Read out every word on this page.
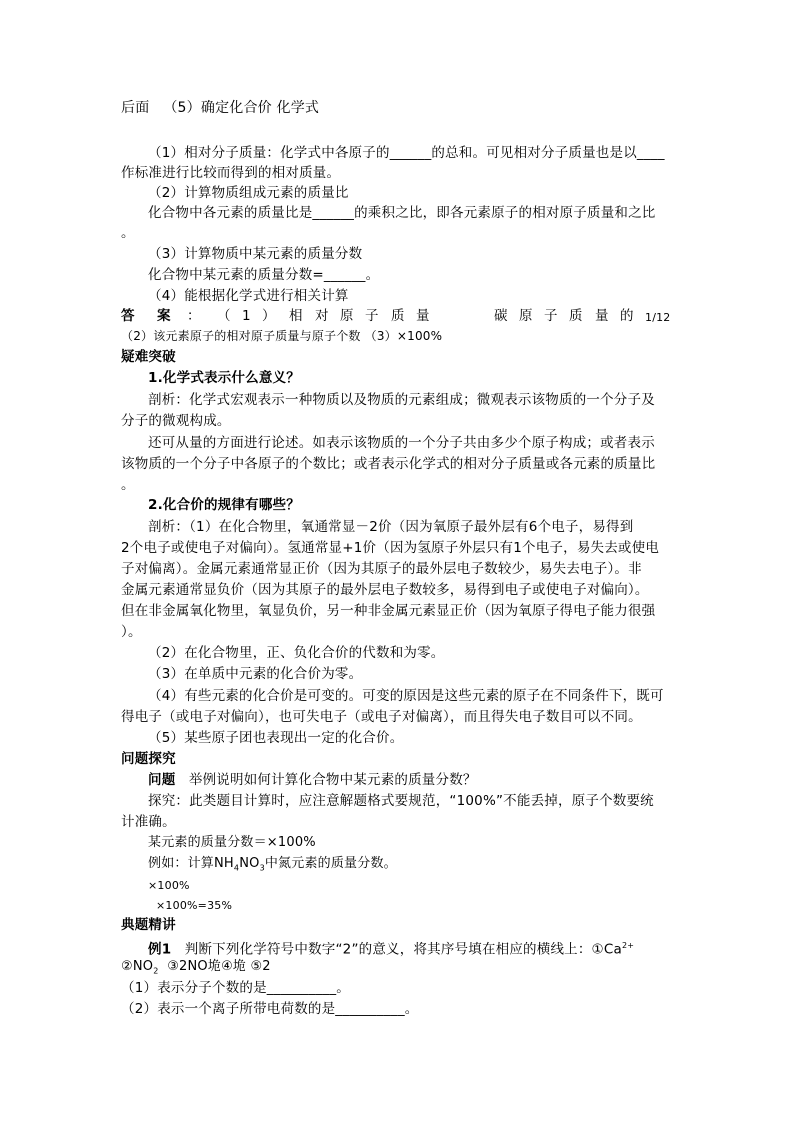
后面 （5）确定化合价 化学式
（1）相对分子质量：化学式中各原子的______的总和。可见相对分子质量也是以____
作标准进行比较而得到的相对质量。
（2）计算物质组成元素的质量比
化合物中各元素的质量比是______的乘积之比，即各元素原子的相对原子质量和之比
。
（3）计算物质中某元素的质量分数
化合物中某元素的质量分数=______。
（4）能根据化学式进行相关计算
答 案 ： （ 1 ） 相 对 原 子 质 量	碳 原 子 质 量 的 1/12
（2）该元素原子的相对原子质量与原子个数 （3）×100%
疑难突破
1.化学式表示什么意义？
剖析：化学式宏观表示一种物质以及物质的元素组成；微观表示该物质的一个分子及
分子的微观构成。
还可从量的方面进行论述。如表示该物质的一个分子共由多少个原子构成；或者表示
该物质的一个分子中各原子的个数比；或者表示化学式的相对分子质量或各元素的质量比
。
2.化合价的规律有哪些？
剖析：（1）在化合物里，氧通常显－2价（因为氧原子最外层有6个电子，易得到
2个电子或使电子对偏向）。氢通常显+1价（因为氢原子外层只有1个电子，易失去或使电
子对偏离）。金属元素通常显正价（因为其原子的最外层电子数较少，易失去电子）。非
金属元素通常显负价（因为其原子的最外层电子数较多，易得到电子或使电子对偏向）。
但在非金属氧化物里，氧显负价，另一种非金属元素显正价（因为氧原子得电子能力很强
）。
（2）在化合物里，正、负化合价的代数和为零。
（3）在单质中元素的化合价为零。
（4）有些元素的化合价是可变的。可变的原因是这些元素的原子在不同条件下，既可
得电子（或电子对偏向），也可失电子（或电子对偏离），而且得失电子数目可以不同。
（5）某些原子团也表现出一定的化合价。
问题探究
问题 举例说明如何计算化合物中某元素的质量分数？
探究：此类题目计算时，应注意解题格式要规范，“100%”不能丢掉，原子个数要统
计准确。
某元素的质量分数＝×100%
例如：计算$NH_4NO_3$中氮元素的质量分数。
×100%
×100%=35%
典题精讲
例1 判断下列化学符号中数字“2”的意义，将其序号填在相应的横线上：$①Ca^{2+}$
$②NO_2$ ③2NO垝④垝 ⑤2
（1）表示分子个数的是__________。
（2）表示一个离子所带电荷数的是__________。
